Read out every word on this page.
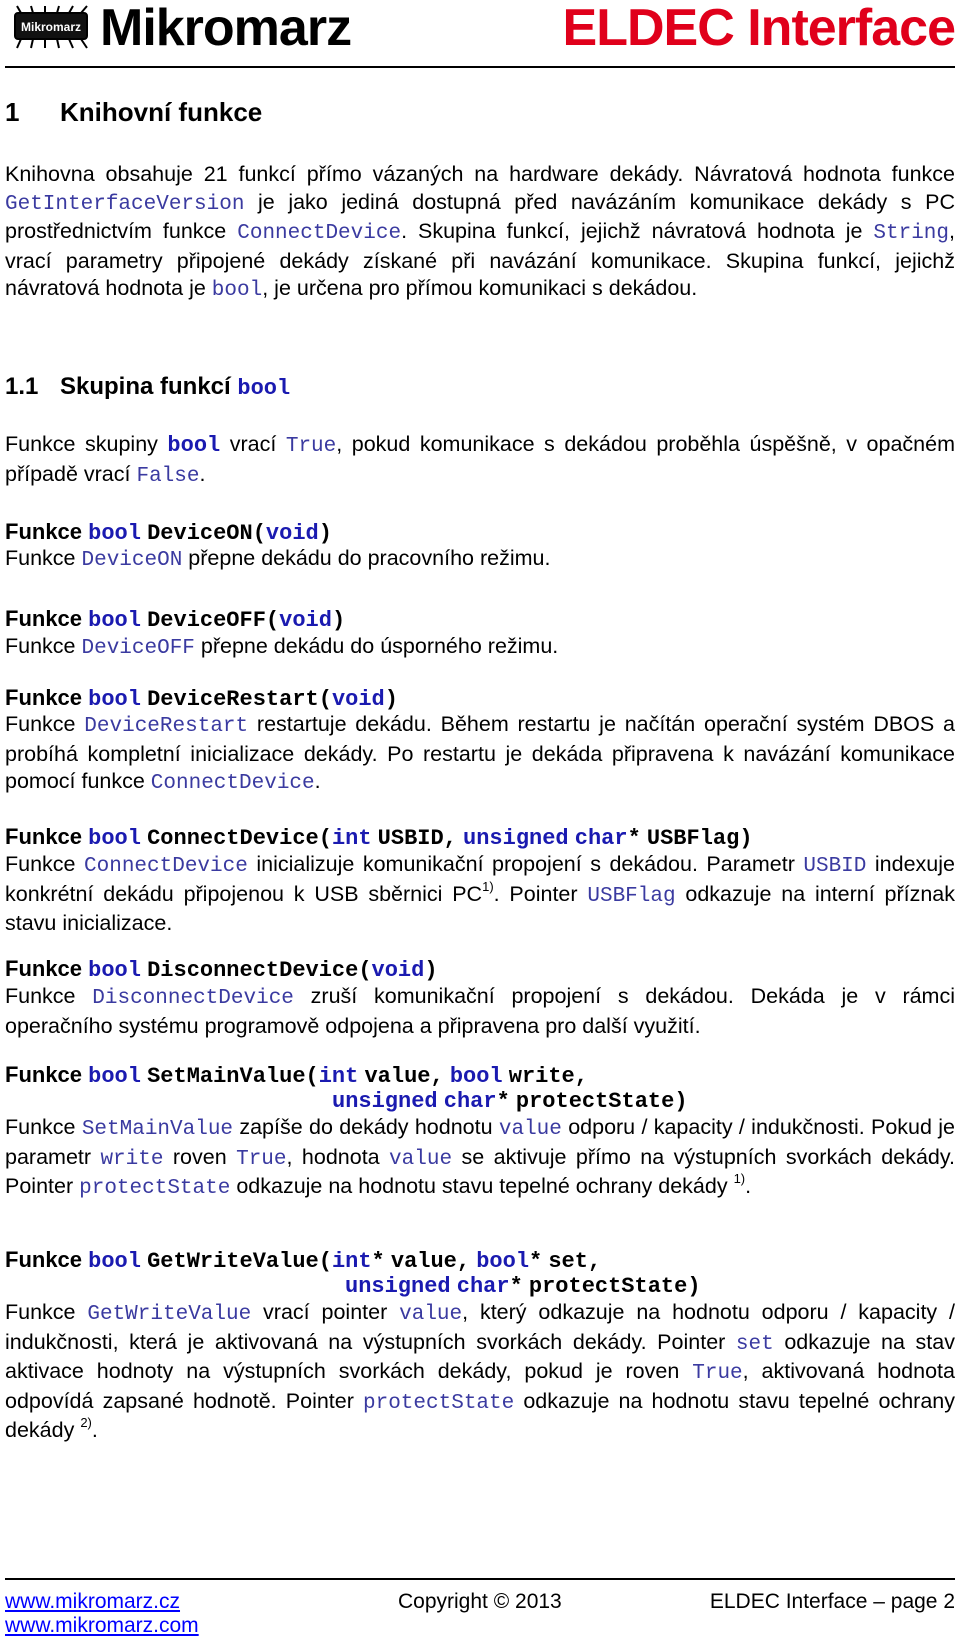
Mikromarz Mikromarz	ELDEC Interface
1 Knihovní funkce
Knihovna obsahuje 21 funkcí přímo vázaných na hardware dekády. Návratová hodnota funkce GetInterfaceVersion je jako jediná dostupná před navázáním komunikace dekády s PC prostřednictvím funkce ConnectDevice. Skupina funkcí, jejichž návratová hodnota je String, vrací parametry připojené dekády získané při navázání komunikace. Skupina funkcí, jejichž návratová hodnota je bool, je určena pro přímou komunikaci s dekádou.
1.1 Skupina funkcí bool
Funkce skupiny bool vrací True, pokud komunikace s dekádou proběhla úspěšně, v opačném případě vrací False.
Funkce bool DeviceON(void)
Funkce DeviceON přepne dekádu do pracovního režimu.
Funkce bool DeviceOFF(void)
Funkce DeviceOFF přepne dekádu do úsporného režimu.
Funkce bool DeviceRestart(void)
Funkce DeviceRestart restartuje dekádu. Během restartu je načítán operační systém DBOS a probíhá kompletní inicializace dekády. Po restartu je dekáda připravena k navázání komunikace pomocí funkce ConnectDevice.
Funkce bool ConnectDevice(int USBID, unsigned char* USBFlag)
Funkce ConnectDevice inicializuje komunikační propojení s dekádou. Parametr USBID indexuje konkrétní dekádu připojenou k USB sběrnici PC$^{1)}$. Pointer USBFlag odkazuje na interní příznak stavu inicializace.
Funkce bool DisconnectDevice(void)
Funkce DisconnectDevice zruší komunikační propojení s dekádou. Dekáda je v rámci operačního systému programově odpojena a připravena pro další využití.
Funkce bool SetMainValue(int value, bool write,
unsigned char* protectState)
Funkce SetMainValue zapíše do dekády hodnotu value odporu / kapacity / indukčnosti. Pokud je parametr write roven True, hodnota value se aktivuje přímo na výstupních svorkách dekády. Pointer protectState odkazuje na hodnotu stavu tepelné ochrany dekády $^{1)}$.
Funkce bool GetWriteValue(int* value, bool* set,
unsigned char* protectState)
Funkce GetWriteValue vrací pointer value, který odkazuje na hodnotu odporu / kapacity / indukčnosti, která je aktivovaná na výstupních svorkách dekády. Pointer set odkazuje na stav aktivace hodnoty na výstupních svorkách dekády, pokud je roven True, aktivovaná hodnota odpovídá zapsané hodnotě. Pointer protectState odkazuje na hodnotu stavu tepelné ochrany dekády $^{2)}$.
www.mikromarz.cz
www.mikromarz.com
Copyright © 2013	ELDEC Interface – page 2
